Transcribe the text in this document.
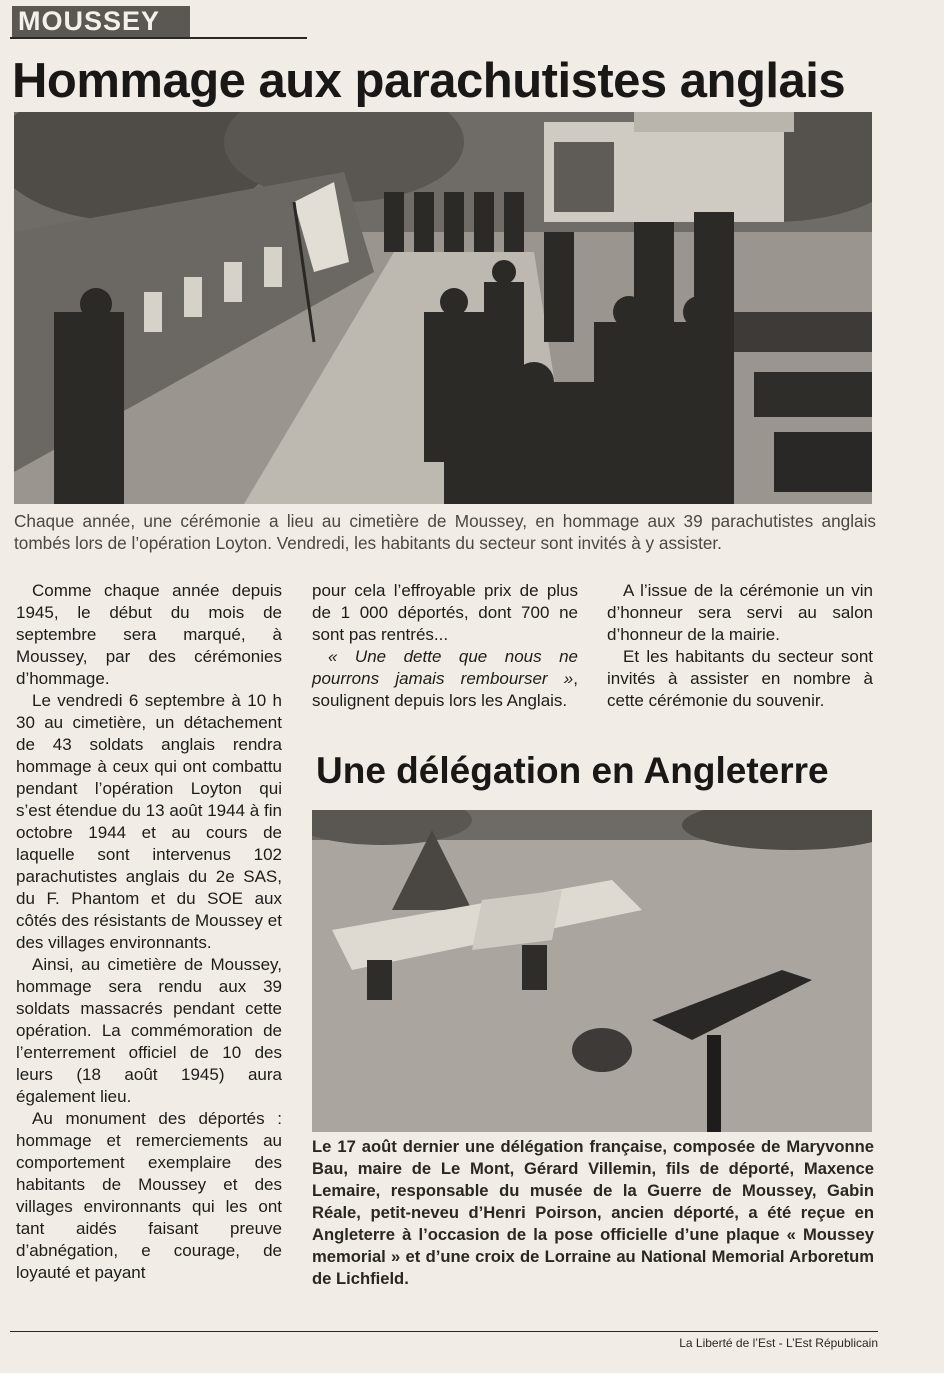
MOUSSEY
Hommage aux parachutistes anglais
Chaque année, une cérémonie a lieu au cimetière de Moussey, en hommage aux 39 parachutistes anglais tombés lors de l’opération Loyton. Vendredi, les habitants du secteur sont invités à y assister.

Comme chaque année depuis 1945, le début du mois de septembre sera marqué, à Moussey, par des cérémonies d’hommage.

Le vendredi 6 septembre à 10 h 30 au cimetière, un détachement de 43 soldats anglais rendra hommage à ceux qui ont combattu pendant l’opération Loyton qui s’est étendue du 13 août 1944 à fin octobre 1944 et au cours de laquelle sont intervenus 102 parachutistes anglais du 2e SAS, du F. Phantom et du SOE aux côtés des résistants de Moussey et des villages environnants.

Ainsi, au cimetière de Moussey, hommage sera rendu aux 39 soldats massacrés pendant cette opération. La commémoration de l’enterrement officiel de 10 des leurs (18 août 1945) aura également lieu.

Au monument des déportés : hommage et remerciements au comportement exemplaire des habitants de Moussey et des villages environnants qui les ont tant aidés faisant preuve d’abnégation, e courage, de loyauté et payant

pour cela l’effroyable prix de plus de 1 000 déportés, dont 700 ne sont pas rentrés...

« Une dette que nous ne pourrons jamais rembourser », soulignent depuis lors les Anglais.

A l’issue de la cérémonie un vin d’honneur sera servi au salon d’honneur de la mairie.

Et les habitants du secteur sont invités à assister en nombre à cette cérémonie du souvenir.

Une délégation en Angleterre
Le 17 août dernier une délégation française, composée de Maryvonne Bau, maire de Le Mont, Gérard Villemin, fils de déporté, Maxence Lemaire, responsable du musée de la Guerre de Moussey, Gabin Réale, petit-neveu d’Henri Poirson, ancien déporté, a été reçue en Angleterre à l’occasion de la pose officielle d’une plaque « Moussey memorial » et d’une croix de Lorraine au National Memorial Arboretum de Lichfield.
La Liberté de l’Est - L’Est Républicain
